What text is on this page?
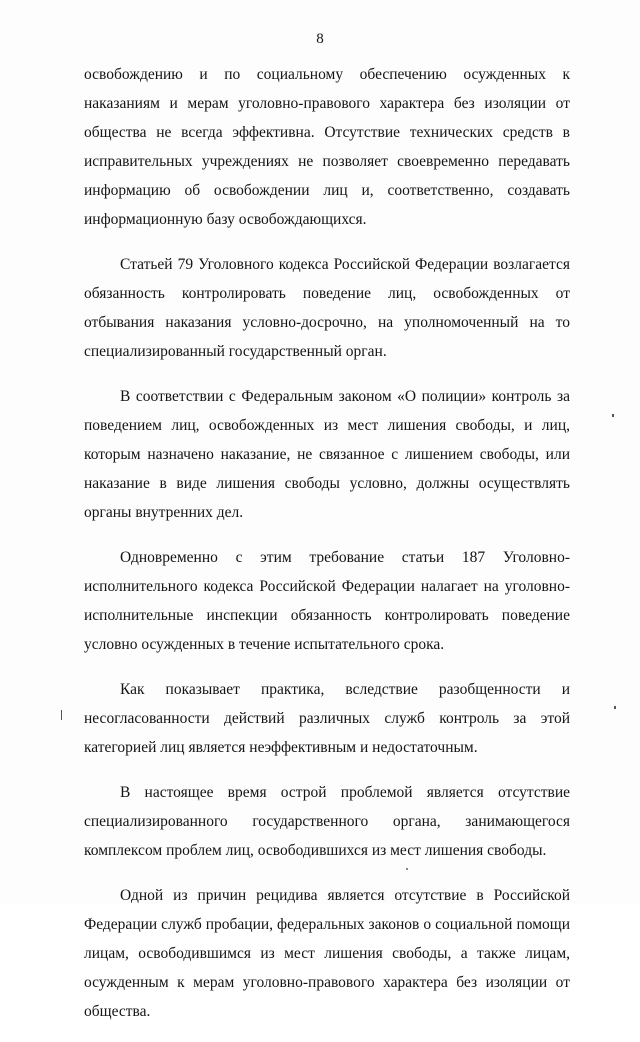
8

освобождению и по социальному обеспечению осужденных к наказаниям и мерам уголовно-правового характера без изоляции от общества не всегда эффективна. Отсутствие технических средств в исправительных учреждениях не позволяет своевременно передавать информацию об освобождении лиц и, соответственно, создавать информационную базу освобождающихся.

Статьей 79 Уголовного кодекса Российской Федерации возлагается обязанность контролировать поведение лиц, освобожденных от отбывания наказания условно-досрочно, на уполномоченный на то специализированный государственный орган.

В соответствии с Федеральным законом «О полиции» контроль за поведением лиц, освобожденных из мест лишения свободы, и лиц, которым назначено наказание, не связанное с лишением свободы, или наказание в виде лишения свободы условно, должны осуществлять органы внутренних дел.

Одновременно с этим требование статьи 187 Уголовно-исполнительного кодекса Российской Федерации налагает на уголовно-исполнительные инспекции обязанность контролировать поведение условно осужденных в течение испытательного срока.

Как показывает практика, вследствие разобщенности и несогласованности действий различных служб контроль за этой категорией лиц является неэффективным и недостаточным.

В настоящее время острой проблемой является отсутствие специализированного государственного органа, занимающегося комплексом проблем лиц, освободившихся из мест лишения свободы.

Одной из причин рецидива является отсутствие в Российской Федерации служб пробации, федеральных законов о социальной помощи лицам, освободившимся из мест лишения свободы, а также лицам, осужденным к мерам уголовно-правового характера без изоляции от общества.
